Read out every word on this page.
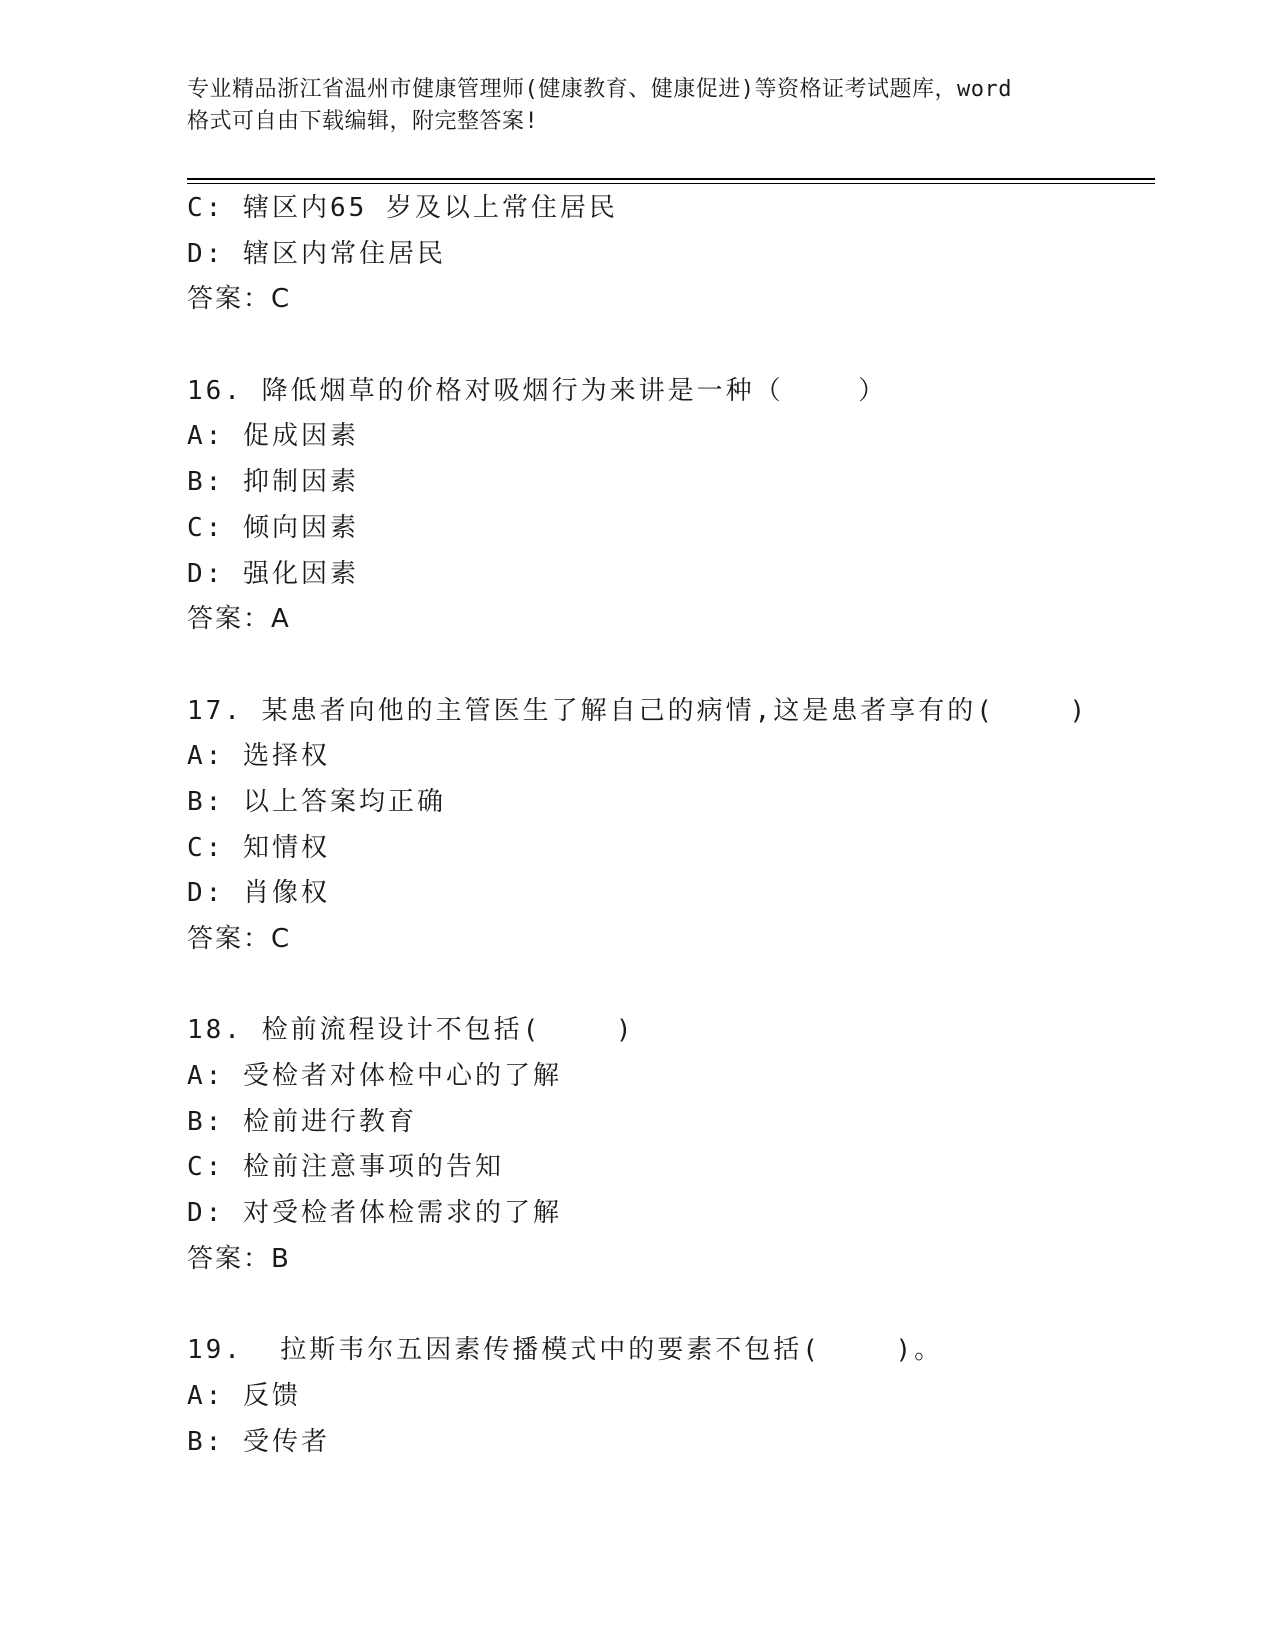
专业精品浙江省温州市健康管理师(健康教育、健康促进)等资格证考试题库，word
格式可自由下载编辑，附完整答案!
C: 辖区内65 岁及以上常住居民
D: 辖区内常住居民
答案：C
16. 降低烟草的价格对吸烟行为来讲是一种（    ）
A: 促成因素
B: 抑制因素
C: 倾向因素
D: 强化因素
答案：A
17. 某患者向他的主管医生了解自己的病情,这是患者享有的(    )
A: 选择权
B: 以上答案均正确
C: 知情权
D: 肖像权
答案：C
18. 检前流程设计不包括(    )
A: 受检者对体检中心的了解
B: 检前进行教育
C: 检前注意事项的告知
D: 对受检者体检需求的了解
答案：B
19.  拉斯韦尔五因素传播模式中的要素不包括(    )。
A: 反馈
B: 受传者
